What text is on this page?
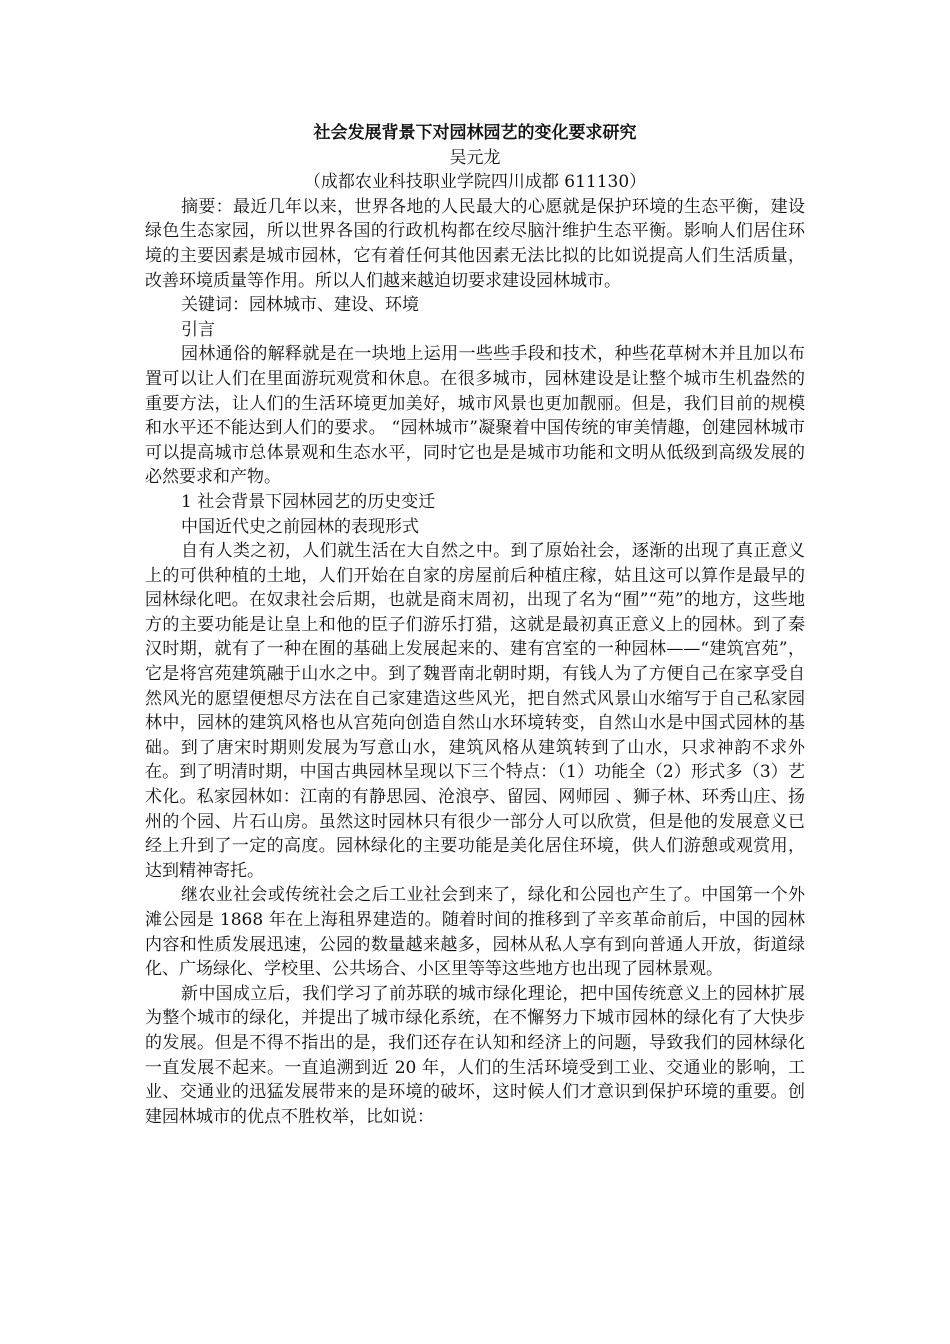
社会发展背景下对园林园艺的变化要求研究

吴元龙

（成都农业科技职业学院四川成都 611130）

摘要：最近几年以来，世界各地的人民最大的心愿就是保护环境的生态平衡，建设绿色生态家园，所以世界各国的行政机构都在绞尽脑汁维护生态平衡。影响人们居住环境的主要因素是城市园林，它有着任何其他因素无法比拟的比如说提高人们生活质量，改善环境质量等作用。所以人们越来越迫切要求建设园林城市。

关键词：园林城市、建设、环境

引言

园林通俗的解释就是在一块地上运用一些些手段和技术，种些花草树木并且加以布置可以让人们在里面游玩观赏和休息。在很多城市，园林建设是让整个城市生机盎然的重要方法，让人们的生活环境更加美好，城市风景也更加靓丽。但是，我们目前的规模和水平还不能达到人们的要求。 “园林城市”凝聚着中国传统的审美情趣，创建园林城市可以提高城市总体景观和生态水平，同时它也是是城市功能和文明从低级到高级发展的必然要求和产物。

1 社会背景下园林园艺的历史变迁

中国近代史之前园林的表现形式

自有人类之初，人们就生活在大自然之中。到了原始社会，逐渐的出现了真正意义上的可供种植的土地，人们开始在自家的房屋前后种植庄稼，姑且这可以算作是最早的园林绿化吧。在奴隶社会后期，也就是商末周初，出现了名为“囿”“苑”的地方，这些地方的主要功能是让皇上和他的臣子们游乐打猎，这就是最初真正意义上的园林。到了秦汉时期，就有了一种在囿的基础上发展起来的、建有宫室的一种园林——“建筑宫苑”，它是将宫苑建筑融于山水之中。到了魏晋南北朝时期，有钱人为了方便自己在家享受自然风光的愿望便想尽方法在自己家建造这些风光，把自然式风景山水缩写于自己私家园林中，园林的建筑风格也从宫苑向创造自然山水环境转变，自然山水是中国式园林的基础。到了唐宋时期则发展为写意山水，建筑风格从建筑转到了山水，只求神韵不求外在。到了明清时期，中国古典园林呈现以下三个特点：（1）功能全（2）形式多（3）艺术化。私家园林如：江南的有静思园、沧浪亭、留园、网师园 、狮子林、环秀山庄、扬州的个园、片石山房。虽然这时园林只有很少一部分人可以欣赏，但是他的发展意义已经上升到了一定的高度。园林绿化的主要功能是美化居住环境，供人们游憩或观赏用，达到精神寄托。

继农业社会或传统社会之后工业社会到来了，绿化和公园也产生了。中国第一个外滩公园是 1868 年在上海租界建造的。随着时间的推移到了辛亥革命前后，中国的园林内容和性质发展迅速，公园的数量越来越多，园林从私人享有到向普通人开放，街道绿化、广场绿化、学校里、公共场合、小区里等等这些地方也出现了园林景观。

新中国成立后，我们学习了前苏联的城市绿化理论，把中国传统意义上的园林扩展为整个城市的绿化，并提出了城市绿化系统，在不懈努力下城市园林的绿化有了大快步的发展。但是不得不指出的是，我们还存在认知和经济上的问题，导致我们的园林绿化一直发展不起来。一直追溯到近 20 年，人们的生活环境受到工业、交通业的影响，工业、交通业的迅猛发展带来的是环境的破坏，这时候人们才意识到保护环境的重要。创建园林城市的优点不胜枚举，比如说：
